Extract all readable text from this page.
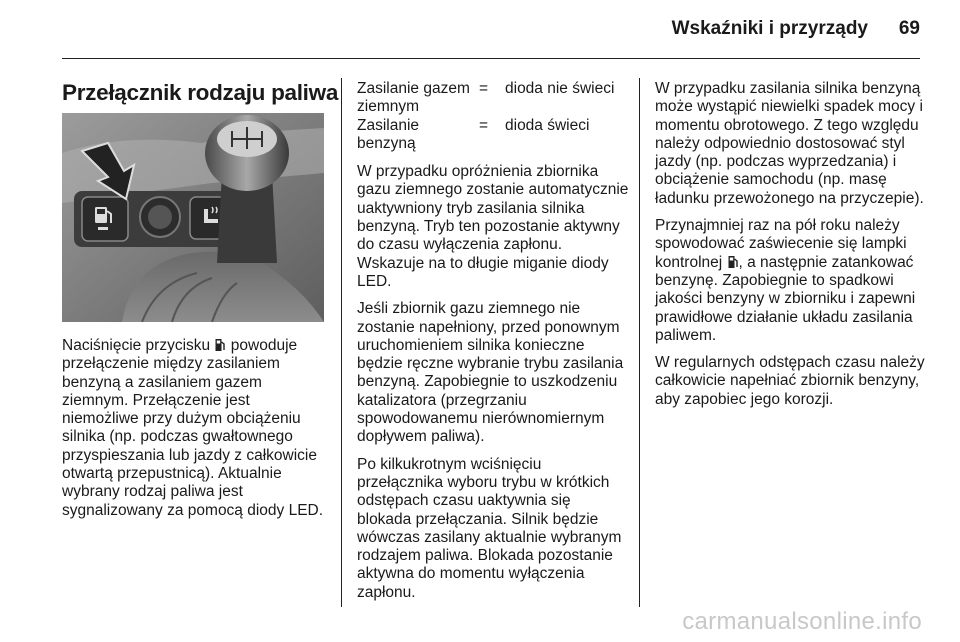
Wskaźniki i przyrządy 69
Przełącznik rodzaju paliwa

Naciśnięcie przycisku  powoduje przełączenie między zasilaniem benzyną a zasilaniem gazem ziemnym. Przełączenie jest niemożliwe przy dużym obciążeniu silnika (np. podczas gwałtownego przyspieszania lub jazdy z całkowicie otwartą przepustnicą). Aktualnie wybrany rodzaj paliwa jest sygnalizowany za pomocą diody LED.

Zasilanie gazem ziemnym	=	dioda nie świeci
Zasilanie benzyną	=	dioda świeci

W przypadku opróżnienia zbiornika gazu ziemnego zostanie automatycznie uaktywniony tryb zasilania silnika benzyną. Tryb ten pozostanie aktywny do czasu wyłączenia zapłonu. Wskazuje na to długie miganie diody LED.

Jeśli zbiornik gazu ziemnego nie zostanie napełniony, przed ponownym uruchomieniem silnika konieczne będzie ręczne wybranie trybu zasilania benzyną. Zapobiegnie to uszkodzeniu katalizatora (przegrzaniu spowodowanemu nierównomiernym dopływem paliwa).

Po kilkukrotnym wciśnięciu przełącznika wyboru trybu w krótkich odstępach czasu uaktywnia się blokada przełączania. Silnik będzie wówczas zasilany aktualnie wybranym rodzajem paliwa. Blokada pozostanie aktywna do momentu wyłączenia zapłonu.

W przypadku zasilania silnika benzyną może wystąpić niewielki spadek mocy i momentu obrotowego. Z tego względu należy odpowiednio dostosować styl jazdy (np. podczas wyprzedzania) i obciążenie samochodu (np. masę ładunku przewożonego na przyczepie).

Przynajmniej raz na pół roku należy spowodować zaświecenie się lampki kontrolnej , a następnie zatankować benzynę. Zapobiegnie to spadkowi jakości benzyny w zbiorniku i zapewni prawidłowe działanie układu zasilania paliwem.

W regularnych odstępach czasu należy całkowicie napełniać zbiornik benzyny, aby zapobiec jego korozji.

carmanualsonline.info
